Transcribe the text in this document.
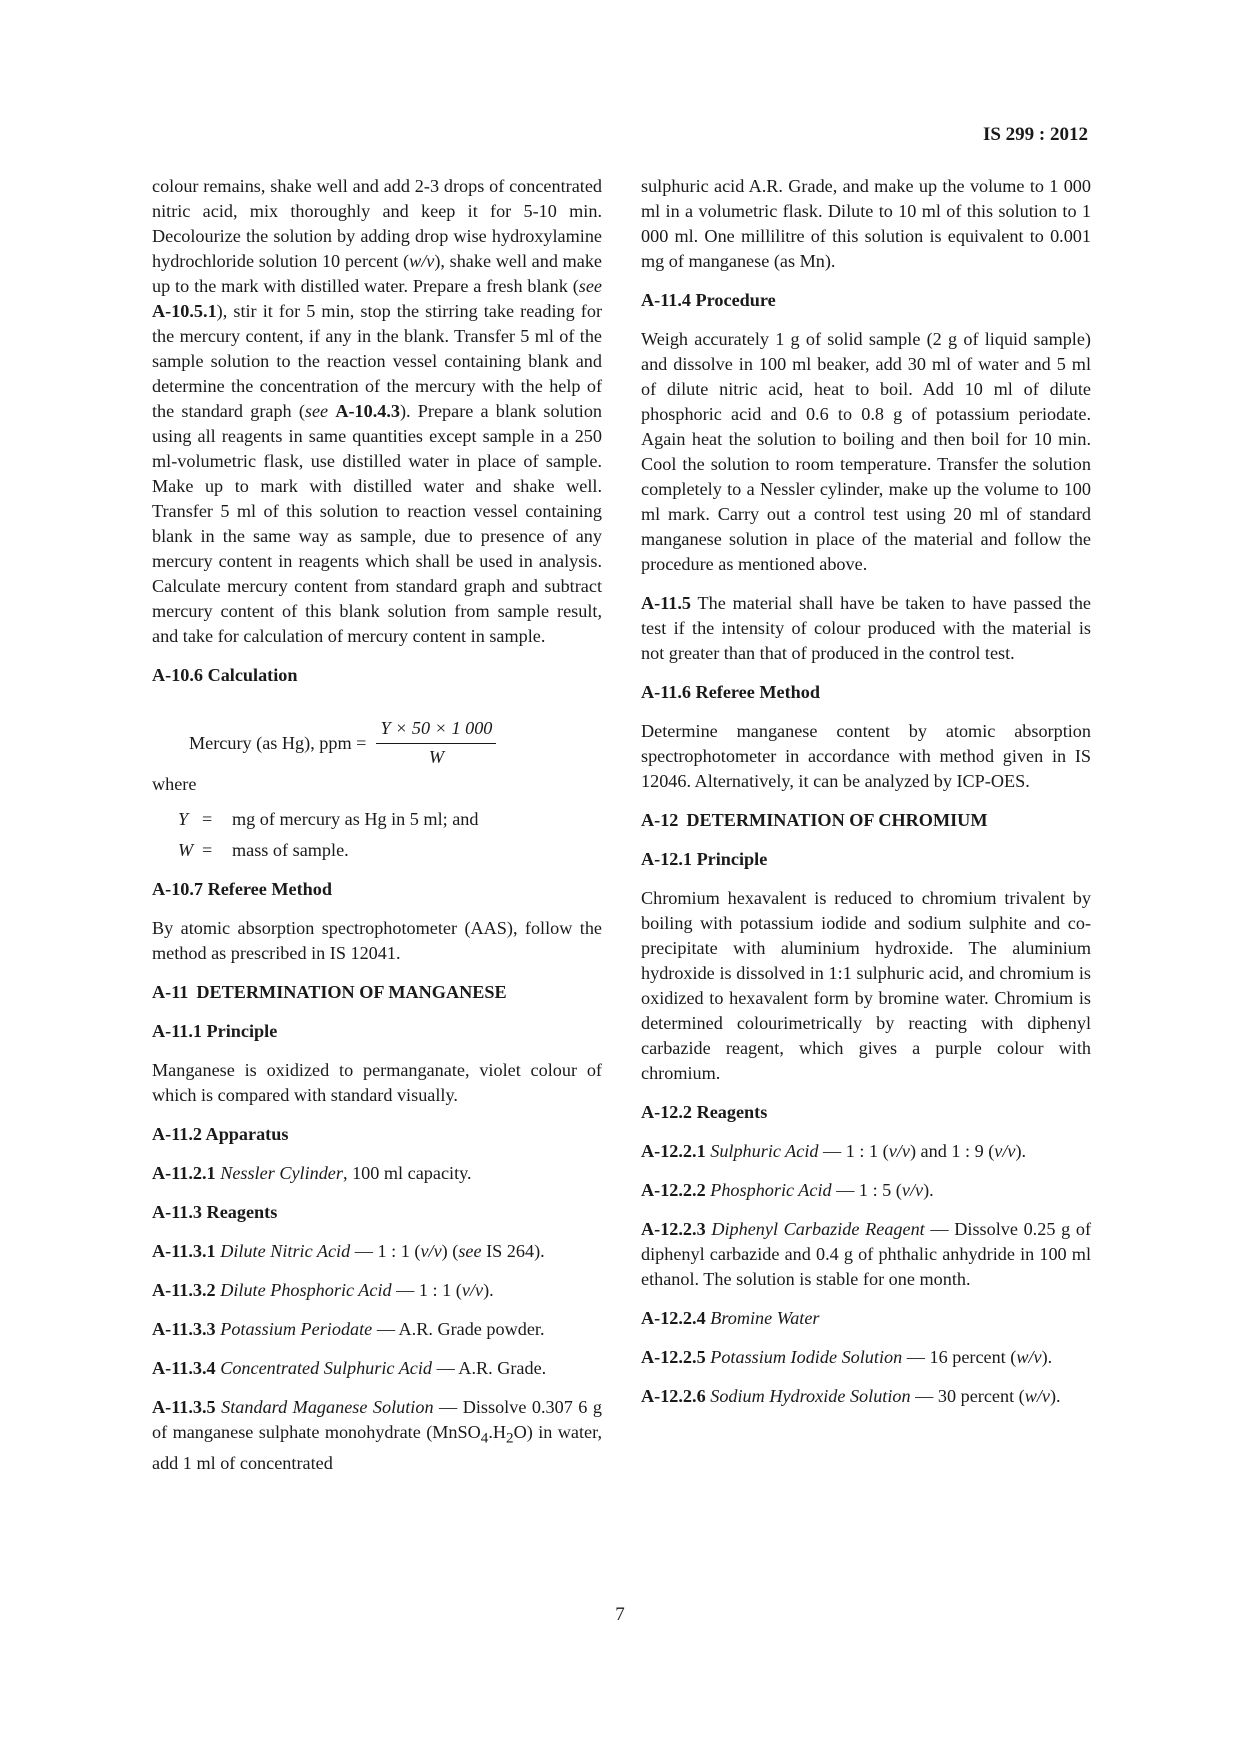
IS 299 : 2012

colour remains, shake well and add 2-3 drops of concentrated nitric acid, mix thoroughly and keep it for 5-10 min. Decolourize the solution by adding drop wise hydroxylamine hydrochloride solution 10 percent (w/v), shake well and make up to the mark with distilled water. Prepare a fresh blank (see A-10.5.1), stir it for 5 min, stop the stirring take reading for the mercury content, if any in the blank. Transfer 5 ml of the sample solution to the reaction vessel containing blank and determine the concentration of the mercury with the help of the standard graph (see A-10.4.3). Prepare a blank solution using all reagents in same quantities except sample in a 250 ml-volumetric flask, use distilled water in place of sample. Make up to mark with distilled water and shake well. Transfer 5 ml of this solution to reaction vessel containing blank in the same way as sample, due to presence of any mercury content in reagents which shall be used in analysis. Calculate mercury content from standard graph and subtract mercury content of this blank solution from sample result, and take for calculation of mercury content in sample.

A-10.6 Calculation
Mercury (as Hg), ppm = $\frac{Y \times 50 \times 1 000}{W}$

where

Y =	mg of mercury as Hg in 5 ml; and
W =	mass of sample.
A-10.7 Referee Method

By atomic absorption spectrophotometer (AAS), follow the method as prescribed in IS 12041.

A-11 DETERMINATION OF MANGANESE
A-11.1 Principle

Manganese is oxidized to permanganate, violet colour of which is compared with standard visually.

A-11.2 Apparatus

A-11.2.1 Nessler Cylinder, 100 ml capacity.

A-11.3 Reagents

A-11.3.1 Dilute Nitric Acid — 1 : 1 (v/v) (see IS 264).

A-11.3.2 Dilute Phosphoric Acid — 1 : 1 (v/v).

A-11.3.3 Potassium Periodate — A.R. Grade powder.

A-11.3.4 Concentrated Sulphuric Acid — A.R. Grade.

A-11.3.5 Standard Maganese Solution — Dissolve 0.307 6 g of manganese sulphate monohydrate $(MnSO_4.H_2O)$ in water, add 1 ml of concentrated

sulphuric acid A.R. Grade, and make up the volume to 1 000 ml in a volumetric flask. Dilute to 10 ml of this solution to 1 000 ml. One millilitre of this solution is equivalent to 0.001 mg of manganese (as Mn).

A-11.4 Procedure

Weigh accurately 1 g of solid sample (2 g of liquid sample) and dissolve in 100 ml beaker, add 30 ml of water and 5 ml of dilute nitric acid, heat to boil. Add 10 ml of dilute phosphoric acid and 0.6 to 0.8 g of potassium periodate. Again heat the solution to boiling and then boil for 10 min. Cool the solution to room temperature. Transfer the solution completely to a Nessler cylinder, make up the volume to 100 ml mark. Carry out a control test using 20 ml of standard manganese solution in place of the material and follow the procedure as mentioned above.

A-11.5 The material shall have be taken to have passed the test if the intensity of colour produced with the material is not greater than that of produced in the control test.

A-11.6 Referee Method

Determine manganese content by atomic absorption spectrophotometer in accordance with method given in IS 12046. Alternatively, it can be analyzed by ICP-OES.

A-12 DETERMINATION OF CHROMIUM
A-12.1 Principle

Chromium hexavalent is reduced to chromium trivalent by boiling with potassium iodide and sodium sulphite and co-precipitate with aluminium hydroxide. The aluminium hydroxide is dissolved in 1:1 sulphuric acid, and chromium is oxidized to hexavalent form by bromine water. Chromium is determined colourimetrically by reacting with diphenyl carbazide reagent, which gives a purple colour with chromium.

A-12.2 Reagents

A-12.2.1 Sulphuric Acid — 1 : 1 (v/v) and 1 : 9 (v/v).

A-12.2.2 Phosphoric Acid — 1 : 5 (v/v).

A-12.2.3 Diphenyl Carbazide Reagent — Dissolve 0.25 g of diphenyl carbazide and 0.4 g of phthalic anhydride in 100 ml ethanol. The solution is stable for one month.

A-12.2.4 Bromine Water

A-12.2.5 Potassium Iodide Solution — 16 percent (w/v).

A-12.2.6 Sodium Hydroxide Solution — 30 percent (w/v).

7
